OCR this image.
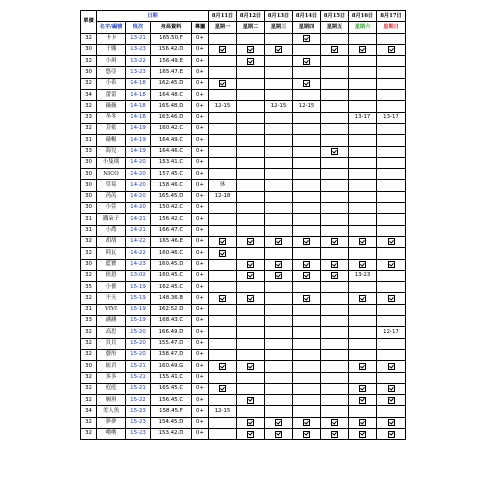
單價	日期				8月11日	8月12日	8月13日	8月14日	8月15日	8月16日	8月17日
	名字/編號	班次	身高資料	專屬	星期一	星期二	星期三	星期四	星期五	星期六	星期日
32	卡卡	13-21	165.50.F	0+							
30	千娜	13-23	156.42.D	0+							
32	小琪	13-22	156.49.E	0+							
30	悠亞	13-23	165.47.E	0+							
32	小希	14-18	162.45.D	0+							
34	蕾蕾	14-18	164.48.C	0+							
32	薇薇	14-18	165.48.D	0+	12-15		12-15	12-15			
33	冬冬	14-18	163.46.D	0+						13-17	13-17
32	芳依	14-19	160.42.C	0+							
31	薇暢	14-19	164.49.C	0+							
33	海兒	14-19	164.46.C	0+							
30	小隻瑪	14-20	153.41.C	0+							
30	NICO	14-20	157.45.C	0+							
30	草莓	14-20	158.46.C	0+	休						
30	芮芮	14-20	165.45.D	0+	12-18						
30	小萱	14-20	150.42.C	0+							
31	鐵朵子	14-21	156.42.C	0+							
31	小喬	14-21	166.47.C	0+							
32	胡胡	14-22	165.46.E	0+							
32	阿瓦	14-22	160.46.C	0+							
30	藍寶	14-23	160.45.D	0+							
32	依恩	13-02	160.45.C	0+						13-23	
35	小薔	15-19	162.45.C	0+							
32	不天	15-19	148.36.B	0+							
31	VIVI	15-19	162.52.D	0+							
33	涵涵	15-19	168.43.C	0+							
32	高思	15-20	166.49.D	0+							12-17
32	貝貝	15-20	155.47.D	0+							
32	藝彤	15-20	158.47.D	0+							
30	紐君	15-21	160.49.G	0+							
32	多多	15-21	155.41.C	0+							
32	庭庭	15-21	165.45.C	0+							
32	婉琪	15-22	156.45.C	0+							
34	美人魚	15-23	158.45.F	0+	12-15						
32	夢夢	15-23	154.45.D	0+							
32	嚕嚕	15-23	153.42.D	0+							
